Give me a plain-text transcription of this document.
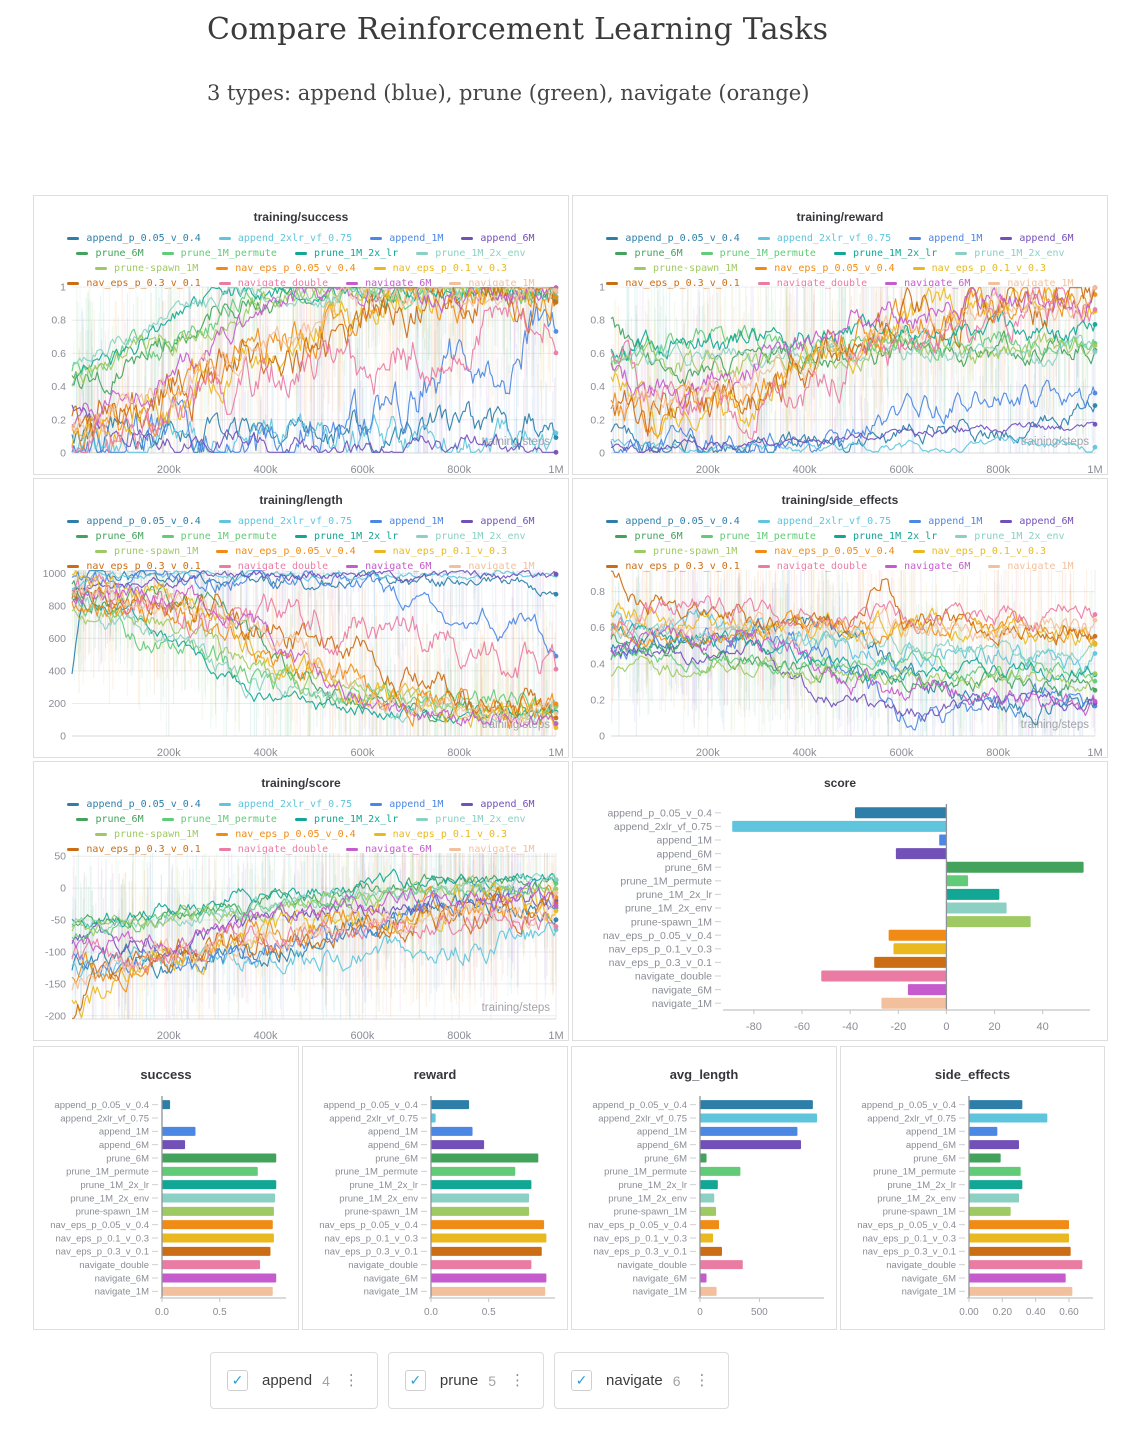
Compare Reinforcement Learning Tasks
3 types: append (blue), prune (green), navigate (orange)
training/success
append_p_0.05_v_0.4	append_2xlr_vf_0.75	append_1M	append_6M
prune_6M	prune_1M_permute	prune_1M_2x_lr	prune_1M_2x_env
prune-spawn_1M	nav_eps_p_0.05_v_0.4	nav_eps_p_0.1_v_0.3
nav_eps_p_0.3_v_0.1	navigate_double	navigate_6M	navigate_1M
1
0.8
0.6
0.4
0.2
0
200k	400k	600k	800k	1M
training/steps
training/reward
append_p_0.05_v_0.4	append_2xlr_vf_0.75	append_1M	append_6M
prune_6M	prune_1M_permute	prune_1M_2x_lr	prune_1M_2x_env
prune-spawn_1M	nav_eps_p_0.05_v_0.4	nav_eps_p_0.1_v_0.3
nav_eps_p_0.3_v_0.1	navigate_double	navigate_6M	navigate_1M
1
0.8
0.6
0.4
0.2
0
200k	400k	600k	800k	1M
training/steps
training/length
append_p_0.05_v_0.4	append_2xlr_vf_0.75	append_1M	append_6M
prune_6M	prune_1M_permute	prune_1M_2x_lr	prune_1M_2x_env
prune-spawn_1M	nav_eps_p_0.05_v_0.4	nav_eps_p_0.1_v_0.3
nav_eps_p_0.3_v_0.1	navigate_double	navigate_6M	navigate_1M
1000
800
600
400
200
0
200k	400k	600k	800k	1M
training/steps
training/side_effects
append_p_0.05_v_0.4	append_2xlr_vf_0.75	append_1M	append_6M
prune_6M	prune_1M_permute	prune_1M_2x_lr	prune_1M_2x_env
prune-spawn_1M	nav_eps_p_0.05_v_0.4	nav_eps_p_0.1_v_0.3
nav_eps_p_0.3_v_0.1	navigate_double	navigate_6M	navigate_1M
0.8
0.6
0.4
0.2
0
200k	400k	600k	800k	1M
training/steps
training/score
append_p_0.05_v_0.4	append_2xlr_vf_0.75	append_1M	append_6M
prune_6M	prune_1M_permute	prune_1M_2x_lr	prune_1M_2x_env
prune-spawn_1M	nav_eps_p_0.05_v_0.4	nav_eps_p_0.1_v_0.3
nav_eps_p_0.3_v_0.1	navigate_double	navigate_6M	navigate_1M
50
0
-50
-100
-150
-200
200k	400k	600k	800k	1M
training/steps
score
append_p_0.05_v_0.4
append_2xlr_vf_0.75
append_1M
append_6M
prune_6M
prune_1M_permute
prune_1M_2x_lr
prune_1M_2x_env
prune-spawn_1M
nav_eps_p_0.05_v_0.4
nav_eps_p_0.1_v_0.3
nav_eps_p_0.3_v_0.1
navigate_double
navigate_6M
navigate_1M
-80	-60	-40	-20	0	20	40
success
append_p_0.05_v_0.4
append_2xlr_vf_0.75
append_1M
append_6M
prune_6M
prune_1M_permute
prune_1M_2x_lr
prune_1M_2x_env
prune-spawn_1M
nav_eps_p_0.05_v_0.4
nav_eps_p_0.1_v_0.3
nav_eps_p_0.3_v_0.1
navigate_double
navigate_6M
navigate_1M
0.0	0.5
reward
append_p_0.05_v_0.4
append_2xlr_vf_0.75
append_1M
append_6M
prune_6M
prune_1M_permute
prune_1M_2x_lr
prune_1M_2x_env
prune-spawn_1M
nav_eps_p_0.05_v_0.4
nav_eps_p_0.1_v_0.3
nav_eps_p_0.3_v_0.1
navigate_double
navigate_6M
navigate_1M
0.0	0.5
avg_length
append_p_0.05_v_0.4
append_2xlr_vf_0.75
append_1M
append_6M
prune_6M
prune_1M_permute
prune_1M_2x_lr
prune_1M_2x_env
prune-spawn_1M
nav_eps_p_0.05_v_0.4
nav_eps_p_0.1_v_0.3
nav_eps_p_0.3_v_0.1
navigate_double
navigate_6M
navigate_1M
0	500
side_effects
append_p_0.05_v_0.4
append_2xlr_vf_0.75
append_1M
append_6M
prune_6M
prune_1M_permute
prune_1M_2x_lr
prune_1M_2x_env
prune-spawn_1M
nav_eps_p_0.05_v_0.4
nav_eps_p_0.1_v_0.3
nav_eps_p_0.3_v_0.1
navigate_double
navigate_6M
navigate_1M
0.00 0.20 0.40 0.60
✓	append 4 ⋮	✓	prune 5 ⋮	✓	navigate 6 ⋮
